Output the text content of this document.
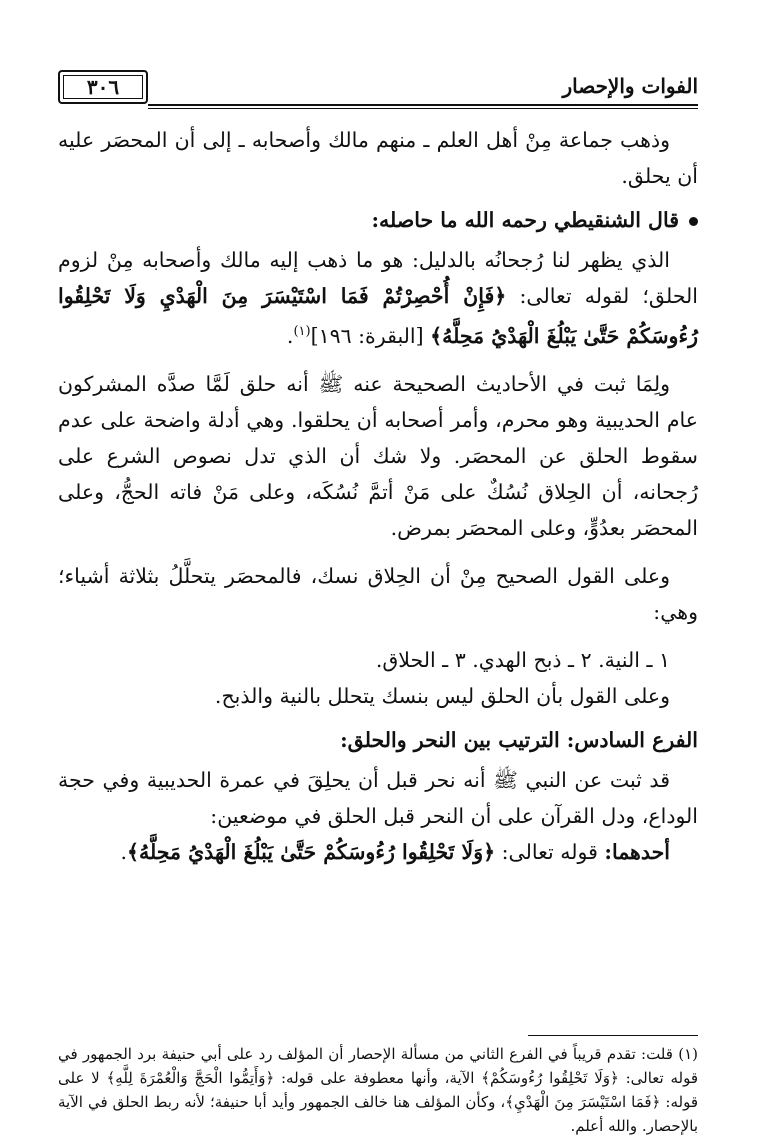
الفوات والإحصار
٣٠٦

وذهب جماعة مِنْ أهل العلم ـ منهم مالك وأصحابه ـ إلى أن المحصَر عليه أن يحلق.

قال الشنقيطي رحمه الله ما حاصله:

الذي يظهر لنا رُجحانُه بالدليل: هو ما ذهب إليه مالك وأصحابه مِنْ لزوم الحلق؛ لقوله تعالى: ﴿فَإِنْ أُحْصِرْتُمْ فَمَا اسْتَيْسَرَ مِنَ الْهَدْيِ وَلَا تَحْلِقُوا رُءُوسَكُمْ حَتَّىٰ يَبْلُغَ الْهَدْيُ مَحِلَّهُ﴾ [البقرة: ١٩٦]$^{(١)}$.

ولِمَا ثبت في الأحاديث الصحيحة عنه ﷺ أنه حلق لَمَّا صدَّه المشركون عام الحديبية وهو محرم، وأمر أصحابه أن يحلقوا. وهي أدلة واضحة على عدم سقوط الحلق عن المحصَر. ولا شك أن الذي تدل نصوص الشرع على رُجحانه، أن الحِلاق نُسُكٌ على مَنْ أتمَّ نُسُكَه، وعلى مَنْ فاته الحجُّ، وعلى المحصَر بعدُوٍّ، وعلى المحصَر بمرض.

وعلى القول الصحيح مِنْ أن الحِلاق نسك، فالمحصَر يتحلَّلُ بثلاثة أشياء؛ وهي:

١ ـ النية. ٢ ـ ذبح الهدي. ٣ ـ الحلاق.

وعلى القول بأن الحلق ليس بنسك يتحلل بالنية والذبح.

الفرع السادس: الترتيب بين النحر والحلق:

قد ثبت عن النبي ﷺ أنه نحر قبل أن يحلِقَ في عمرة الحديبية وفي حجة الوداع، ودل القرآن على أن النحر قبل الحلق في موضعين:

أحدهما: قوله تعالى: ﴿وَلَا تَحْلِقُوا رُءُوسَكُمْ حَتَّىٰ يَبْلُغَ الْهَدْيُ مَحِلَّهُ﴾.

(١) قلت: تقدم قريباً في الفرع الثاني من مسألة الإحصار أن المؤلف رد على أبي حنيفة برد الجمهور في قوله تعالى: ﴿وَلَا تَحْلِقُوا رُءُوسَكُمْ﴾ الآية، وأنها معطوفة على قوله: ﴿وَأَتِمُّوا الْحَجَّ وَالْعُمْرَةَ لِلَّهِ﴾ لا على قوله: ﴿فَمَا اسْتَيْسَرَ مِنَ الْهَدْيِ﴾، وكأن المؤلف هنا خالف الجمهور وأيد أبا حنيفة؛ لأنه ربط الحلق في الآية بالإحصار. والله أعلم.
